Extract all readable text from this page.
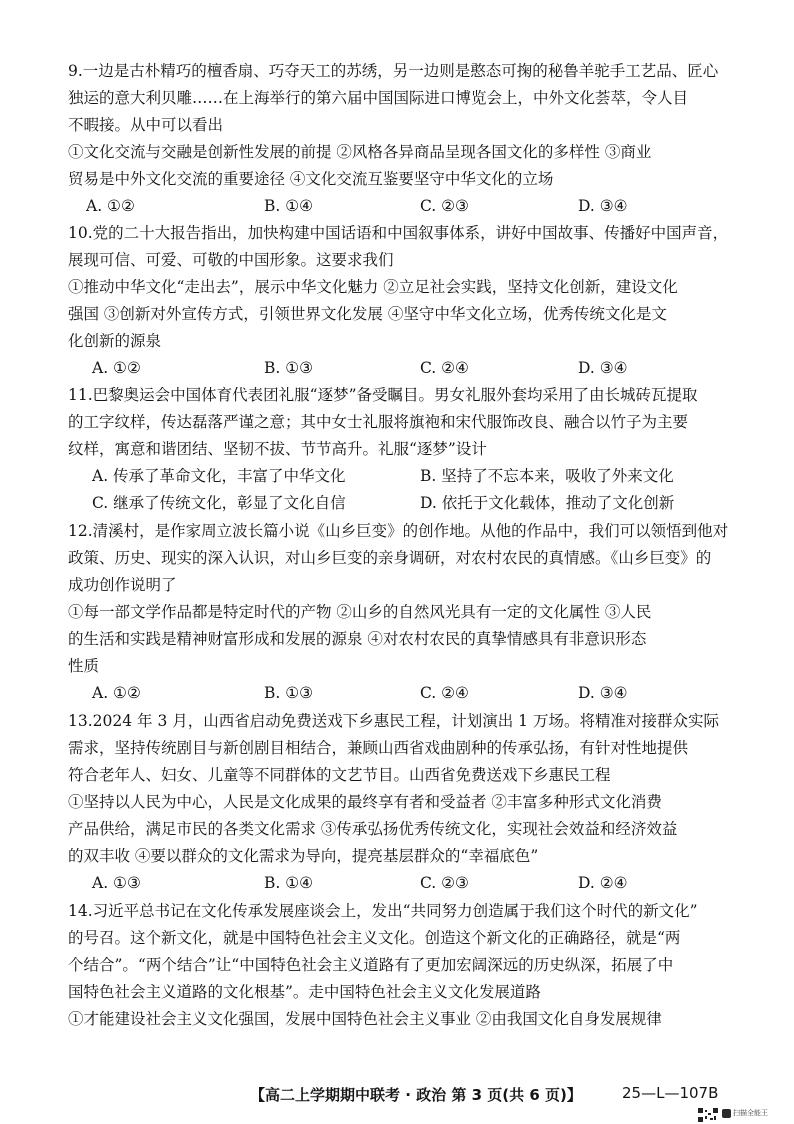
9.一边是古朴精巧的檀香扇、巧夺天工的苏绣，另一边则是憨态可掬的秘鲁羊驼手工艺品、匠心
独运的意大利贝雕……在上海举行的第六届中国国际进口博览会上，中外文化荟萃，令人目
不暇接。从中可以看出
①文化交流与交融是创新性发展的前提 ②风格各异商品呈现各国文化的多样性 ③商业
贸易是中外文化交流的重要途径 ④文化交流互鉴要坚守中华文化的立场
A. ①②	B. ①④	C. ②③	D. ③④
10.党的二十大报告指出，加快构建中国话语和中国叙事体系，讲好中国故事、传播好中国声音，
展现可信、可爱、可敬的中国形象。这要求我们
①推动中华文化“走出去”，展示中华文化魅力 ②立足社会实践，坚持文化创新，建设文化
强国 ③创新对外宣传方式，引领世界文化发展 ④坚守中华文化立场，优秀传统文化是文
化创新的源泉
A. ①②	B. ①③	C. ②④	D. ③④
11.巴黎奥运会中国体育代表团礼服“逐梦”备受瞩目。男女礼服外套均采用了由长城砖瓦提取
的工字纹样，传达磊落严谨之意；其中女士礼服将旗袍和宋代服饰改良、融合以竹子为主要
纹样，寓意和谐团结、坚韧不拔、节节高升。礼服“逐梦”设计
A. 传承了革命文化，丰富了中华文化	B. 坚持了不忘本来，吸收了外来文化
C. 继承了传统文化，彰显了文化自信	D. 依托于文化载体，推动了文化创新
12.清溪村，是作家周立波长篇小说《山乡巨变》的创作地。从他的作品中，我们可以领悟到他对
政策、历史、现实的深入认识，对山乡巨变的亲身调研，对农村农民的真情感。《山乡巨变》的
成功创作说明了
①每一部文学作品都是特定时代的产物 ②山乡的自然风光具有一定的文化属性 ③人民
的生活和实践是精神财富形成和发展的源泉 ④对农村农民的真挚情感具有非意识形态
性质
A. ①②	B. ①③	C. ②④	D. ③④
13.2024 年 3 月，山西省启动免费送戏下乡惠民工程，计划演出 1 万场。将精准对接群众实际
需求，坚持传统剧目与新创剧目相结合，兼顾山西省戏曲剧种的传承弘扬，有针对性地提供
符合老年人、妇女、儿童等不同群体的文艺节目。山西省免费送戏下乡惠民工程
①坚持以人民为中心，人民是文化成果的最终享有者和受益者 ②丰富多种形式文化消费
产品供给，满足市民的各类文化需求 ③传承弘扬优秀传统文化，实现社会效益和经济效益
的双丰收 ④要以群众的文化需求为导向，提亮基层群众的“幸福底色”
A. ①③	B. ①④	C. ②③	D. ②④
14.习近平总书记在文化传承发展座谈会上，发出“共同努力创造属于我们这个时代的新文化”
的号召。这个新文化，就是中国特色社会主义文化。创造这个新文化的正确路径，就是“两
个结合”。“两个结合”让“中国特色社会主义道路有了更加宏阔深远的历史纵深，拓展了中
国特色社会主义道路的文化根基”。走中国特色社会主义文化发展道路
①才能建设社会主义文化强国，发展中国特色社会主义事业 ②由我国文化自身发展规律
【高二上学期期中联考 · 政治 第 3 页(共 6 页)】	25—L—107B
扫描全能王
